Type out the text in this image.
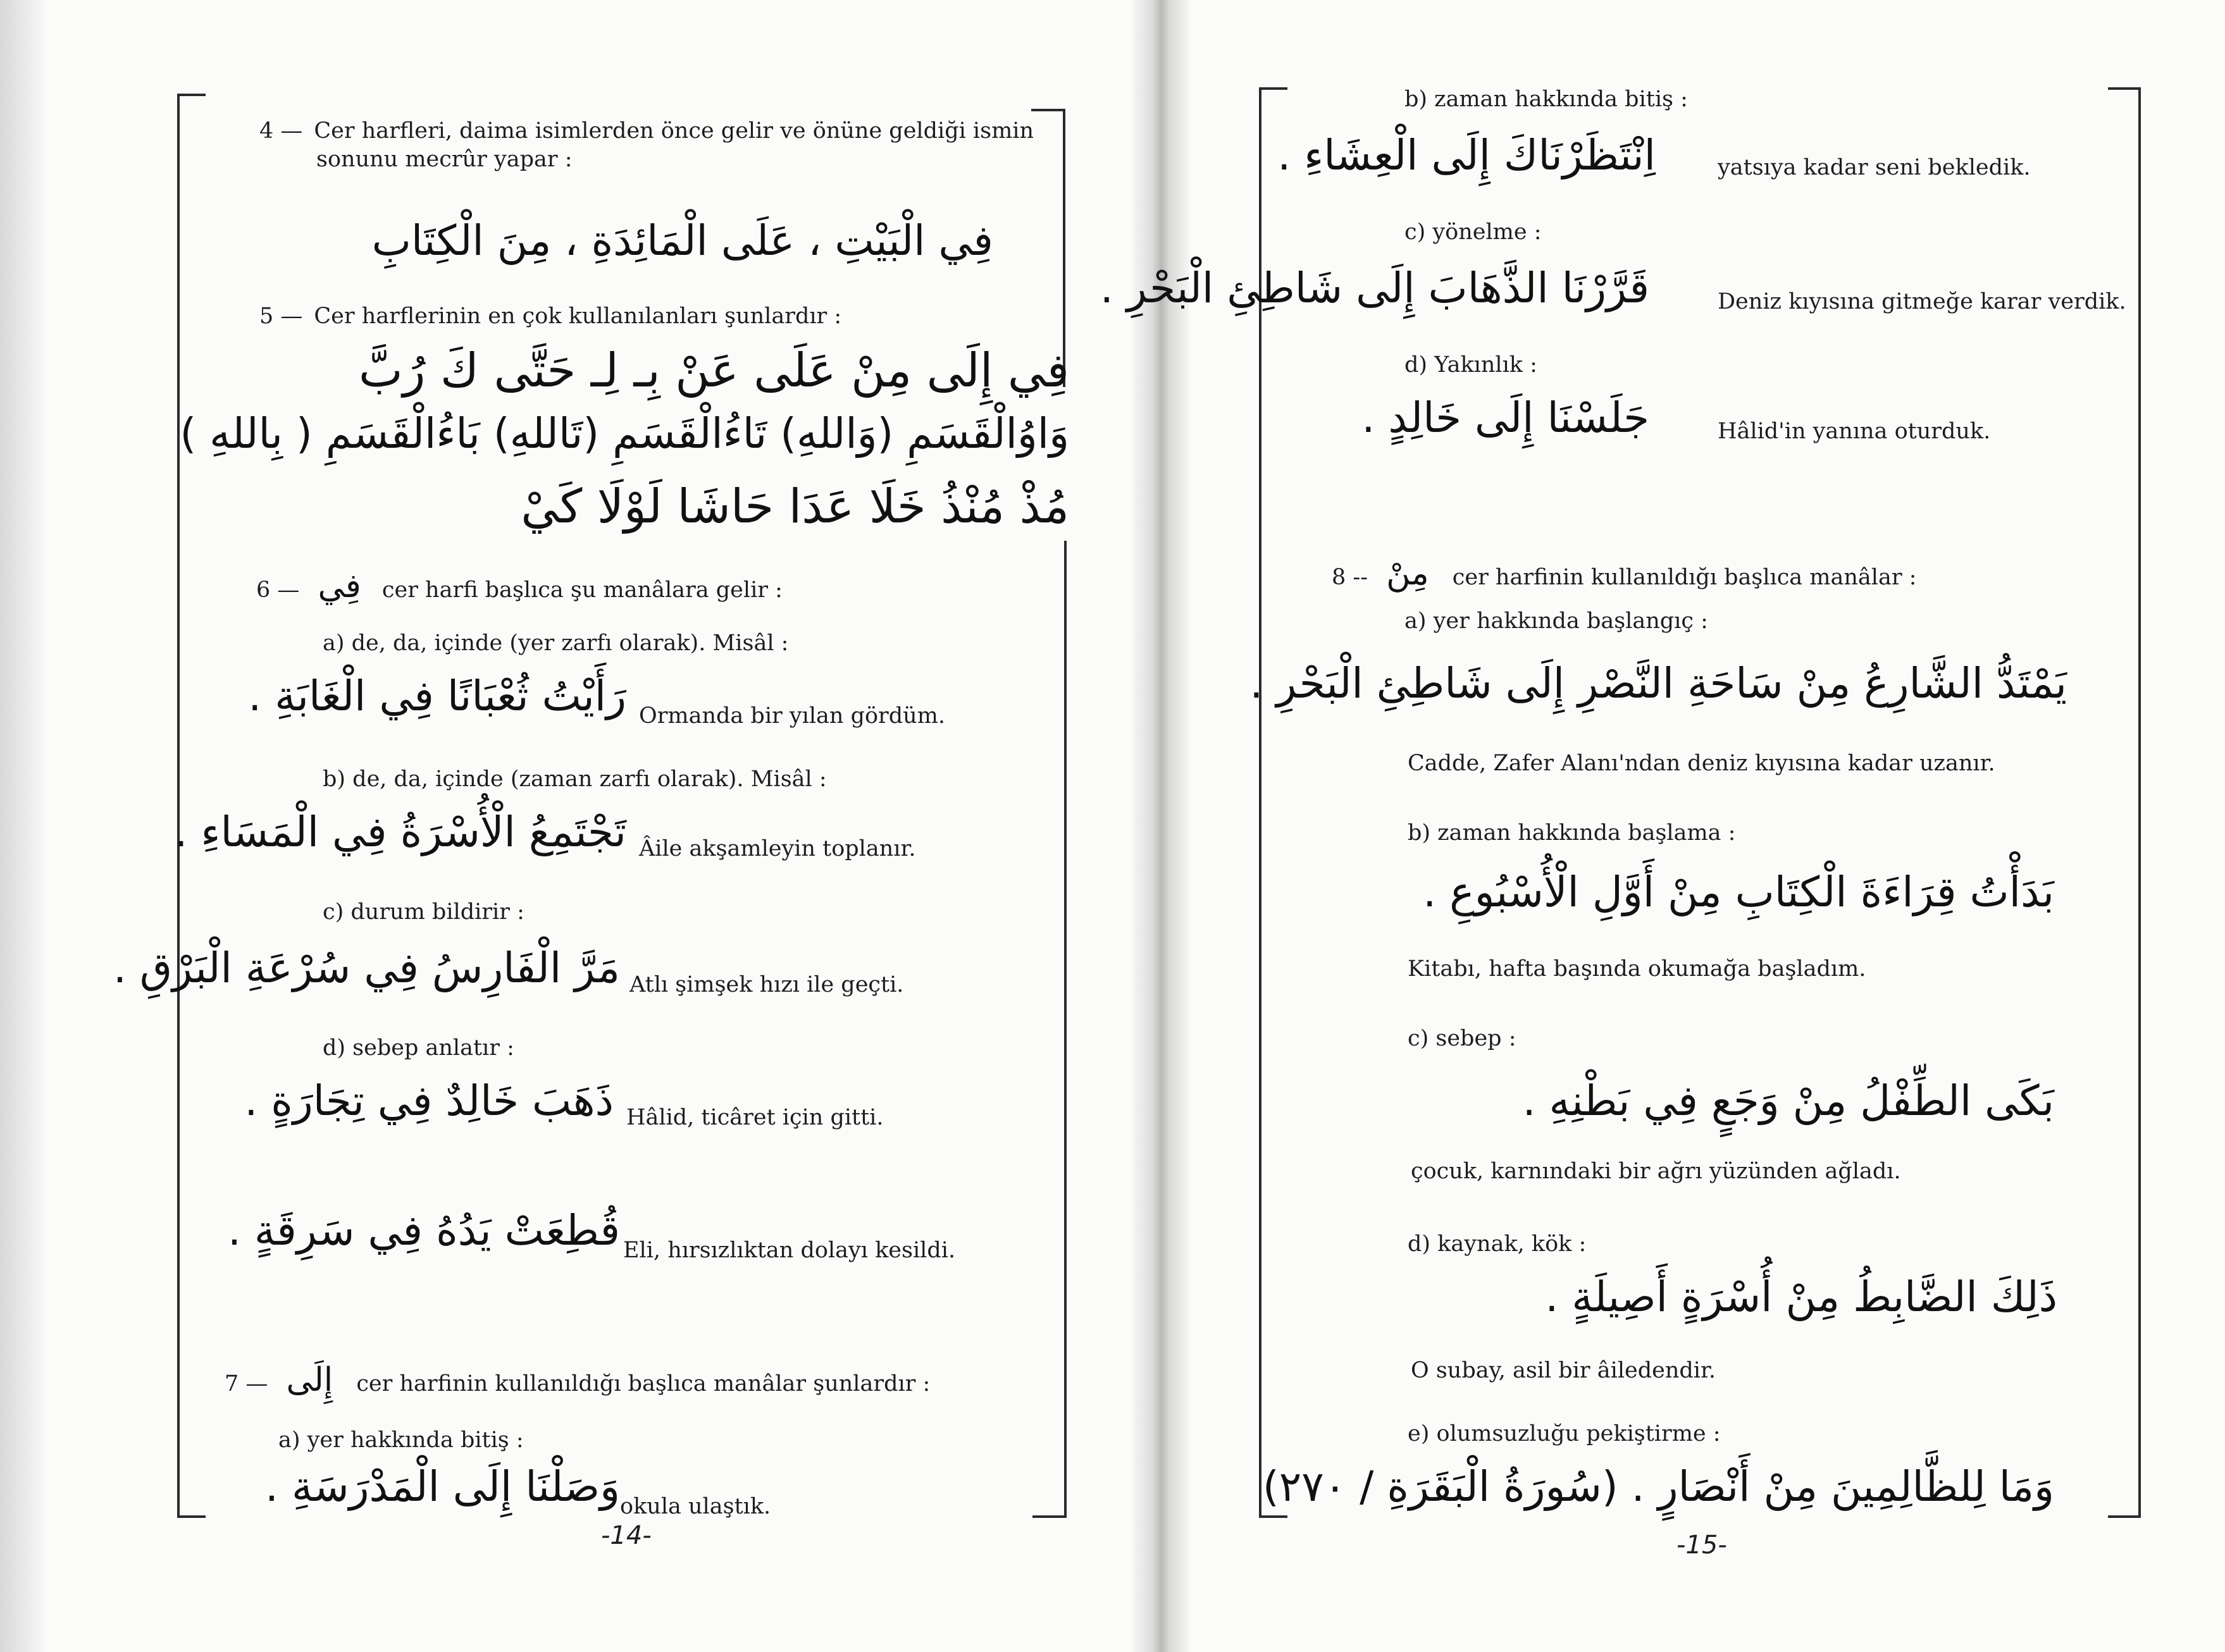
4 — Cer harfleri, daima isimlerden önce gelir ve önüne geldiği ismin
sonunu mecrûr yapar :
فِي الْبَيْتِ ، عَلَى الْمَائِدَةِ ، مِنَ الْكِتَابِ
5 — Cer harflerinin en çok kullanılanları şunlardır :
فِي إِلَى مِنْ عَلَى عَنْ بِـ لِـ حَتَّى كَ رُبَّ
وَاوُالْقَسَمِ (وَاللهِ) تَاءُالْقَسَمِ (تَاللهِ) بَاءُالْقَسَمِ ( بِاللهِ )
مُذْ مُنْذُ خَلَا عَدَا حَاشَا لَوْلَا كَيْ
6 — فِي cer harfi başlıca şu manâlara gelir :
a) de, da, içinde (yer zarfı olarak). Misâl :
رَأَيْتُ ثُعْبَانًا فِي الْغَابَةِ . Ormanda bir yılan gördüm.
b) de, da, içinde (zaman zarfı olarak). Misâl :
تَجْتَمِعُ الْأُسْرَةُ فِي الْمَسَاءِ . Âile akşamleyin toplanır.
c) durum bildirir :
مَرَّ الْفَارِسُ فِي سُرْعَةِ الْبَرْقِ . Atlı şimşek hızı ile geçti.
d) sebep anlatır :
ذَهَبَ خَالِدٌ فِي تِجَارَةٍ . Hâlid, ticâret için gitti.
قُطِعَتْ يَدُهُ فِي سَرِقَةٍ . Eli, hırsızlıktan dolayı kesildi.
7 — إِلَى cer harfinin kullanıldığı başlıca manâlar şunlardır :
a) yer hakkında bitiş :
وَصَلْنَا إِلَى الْمَدْرَسَةِ . okula ulaştık.
-14-
b) zaman hakkında bitiş :
اِنْتَظَرْنَاكَ إِلَى الْعِشَاءِ .	yatsıya kadar seni bekledik.
c) yönelme :
قَرَّرْنَا الذَّهَابَ إِلَى شَاطِئِ الْبَحْرِ .	Deniz kıyısına gitmeğe karar verdik.
d) Yakınlık :
جَلَسْنَا إِلَى خَالِدٍ .	Hâlid'in yanına oturduk.
8 -- مِنْ cer harfinin kullanıldığı başlıca manâlar :
a) yer hakkında başlangıç :
يَمْتَدُّ الشَّارِعُ مِنْ سَاحَةِ النَّصْرِ إِلَى شَاطِئِ الْبَحْرِ .
Cadde, Zafer Alanı'ndan deniz kıyısına kadar uzanır.
b) zaman hakkında başlama :
بَدَأْتُ قِرَاءَةَ الْكِتَابِ مِنْ أَوَّلِ الْأُسْبُوعِ .
Kitabı, hafta başında okumağa başladım.
c) sebep :
بَكَى الطِّفْلُ مِنْ وَجَعٍ فِي بَطْنِهِ .
çocuk, karnındaki bir ağrı yüzünden ağladı.
d) kaynak, kök :
ذَلِكَ الضَّابِطُ مِنْ أُسْرَةٍ أَصِيلَةٍ .
O subay, asil bir âiledendir.
e) olumsuzluğu pekiştirme :
وَمَا لِلظَّالِمِينَ مِنْ أَنْصَارٍ . (سُورَةُ الْبَقَرَةِ / ٢٧٠)
-15-
